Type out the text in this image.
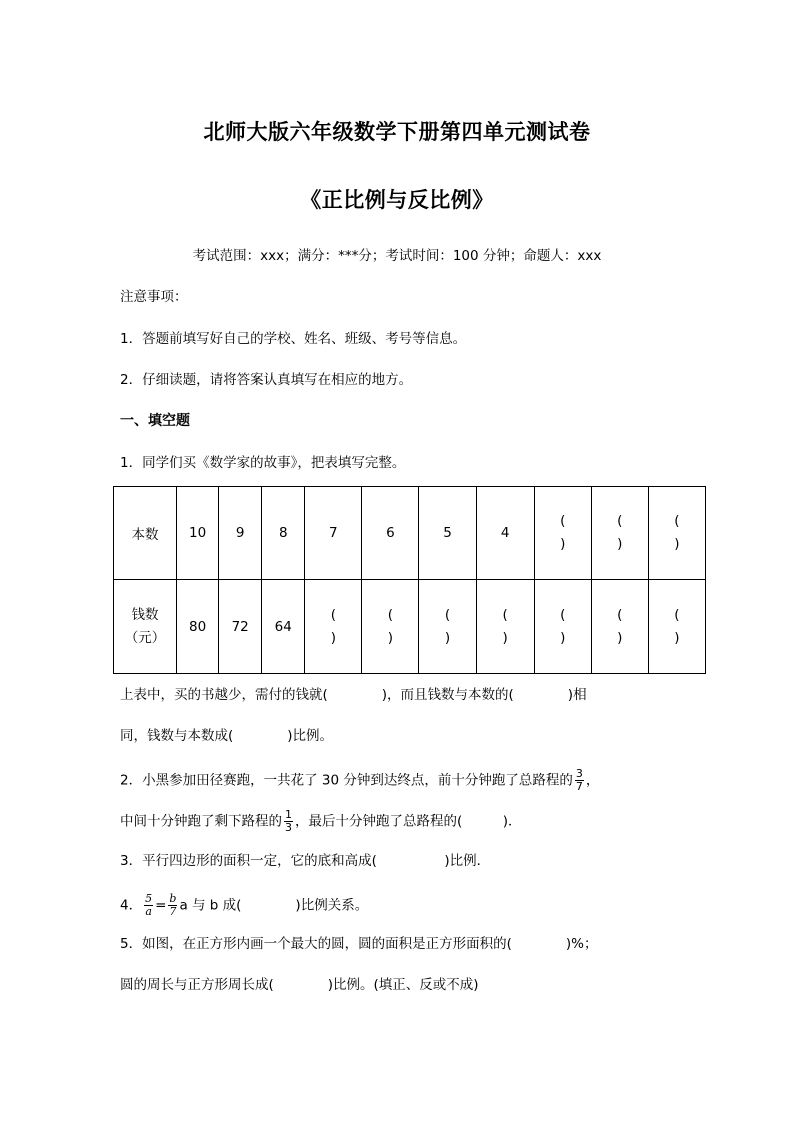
北师大版六年级数学下册第四单元测试卷
《正比例与反比例》
考试范围：xxx；满分：***分；考试时间：100 分钟；命题人：xxx
注意事项：
1．答题前填写好自己的学校、姓名、班级、考号等信息。
2．仔细读题，请将答案认真填写在相应的地方。
一、填空题
1．同学们买《数学家的故事》，把表填写完整。
本数	10	9	8	7	6	5	4	(
)	(
)	(
)

钱数
（元）	80	72	64	(
)	(
)	(
)	(
)	(
)	(
)	(
)
上表中，买的书越少，需付的钱就(　　　　)，而且钱数与本数的(　　　　)相
同，钱数与本数成(　　　　)比例。
2．小黑参加田径赛跑，一共花了 30 分钟到达终点，前十分钟跑了总路程的 $\frac{3}{7}$ ，
中间十分钟跑了剩下路程的 $\frac{1}{3}$ ，最后十分钟跑了总路程的(　　　)．
3．平行四边形的面积一定，它的底和高成(　　　　　)比例．
4． $\frac{5}{a} = \frac{b}{7}$ a 与 b 成(　　　　)比例关系。
5．如图，在正方形内画一个最大的圆，圆的面积是正方形面积的(　　　　)%；
圆的周长与正方形周长成(　　　　)比例。(填正、反或不成)
